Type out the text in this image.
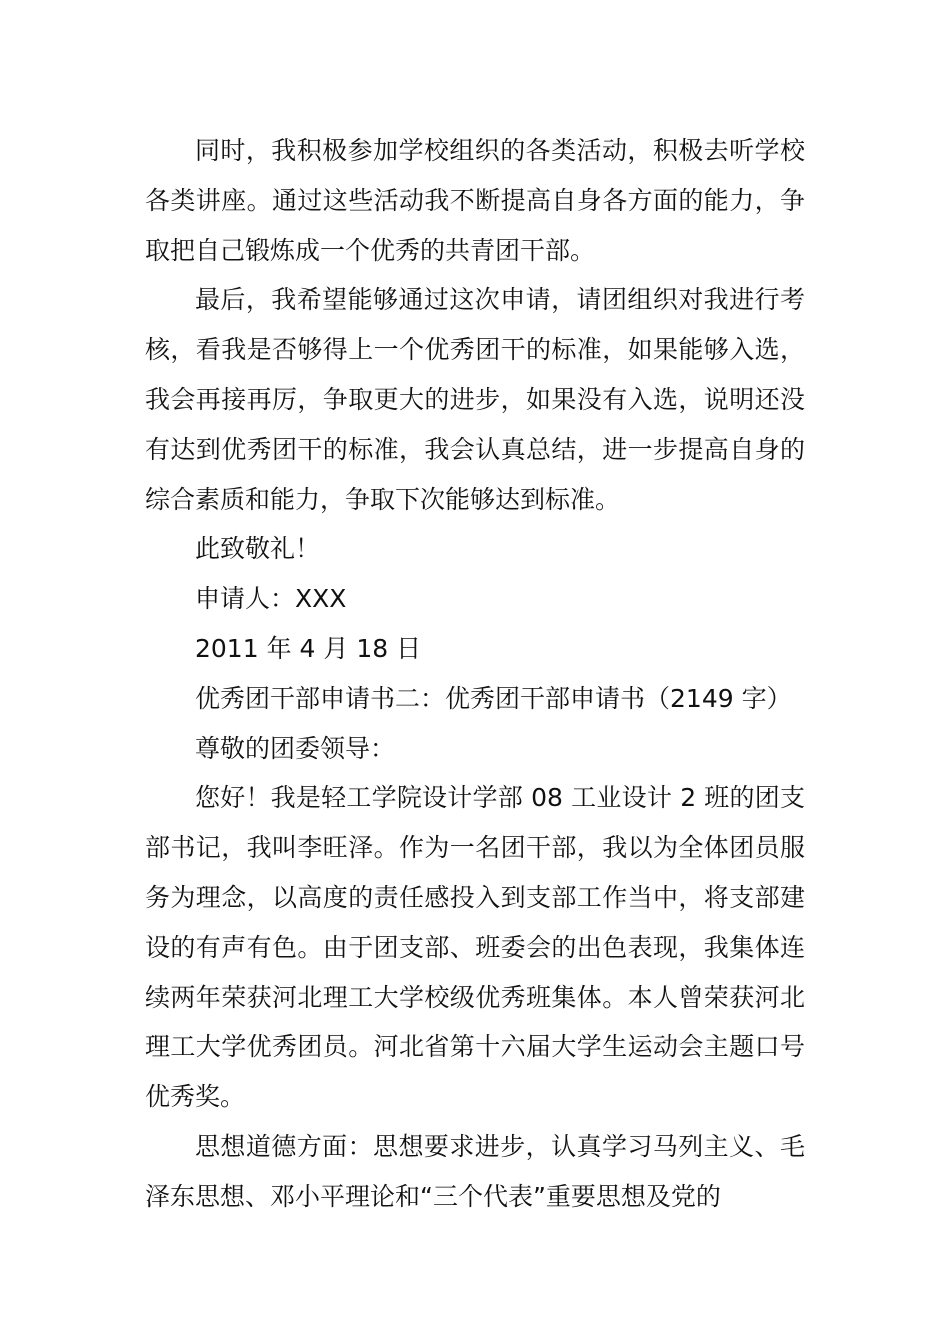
同时，我积极参加学校组织的各类活动，积极去听学校各类讲座。通过这些活动我不断提高自身各方面的能力，争取把自己锻炼成一个优秀的共青团干部。

最后，我希望能够通过这次申请，请团组织对我进行考核，看我是否够得上一个优秀团干的标准，如果能够入选，我会再接再厉，争取更大的进步，如果没有入选，说明还没有达到优秀团干的标准，我会认真总结，进一步提高自身的综合素质和能力，争取下次能够达到标准。

此致敬礼！

申请人：XXX

2011 年 4 月 18 日

优秀团干部申请书二：优秀团干部申请书（2149 字）

尊敬的团委领导：

您好！我是轻工学院设计学部 08 工业设计 2 班的团支部书记，我叫李旺泽。作为一名团干部，我以为全体团员服务为理念，以高度的责任感投入到支部工作当中，将支部建设的有声有色。由于团支部、班委会的出色表现，我集体连续两年荣获河北理工大学校级优秀班集体。本人曾荣获河北理工大学优秀团员。河北省第十六届大学生运动会主题口号优秀奖。

思想道德方面：思想要求进步，认真学习马列主义、毛泽东思想、邓小平理论和“三个代表”重要思想及党的
